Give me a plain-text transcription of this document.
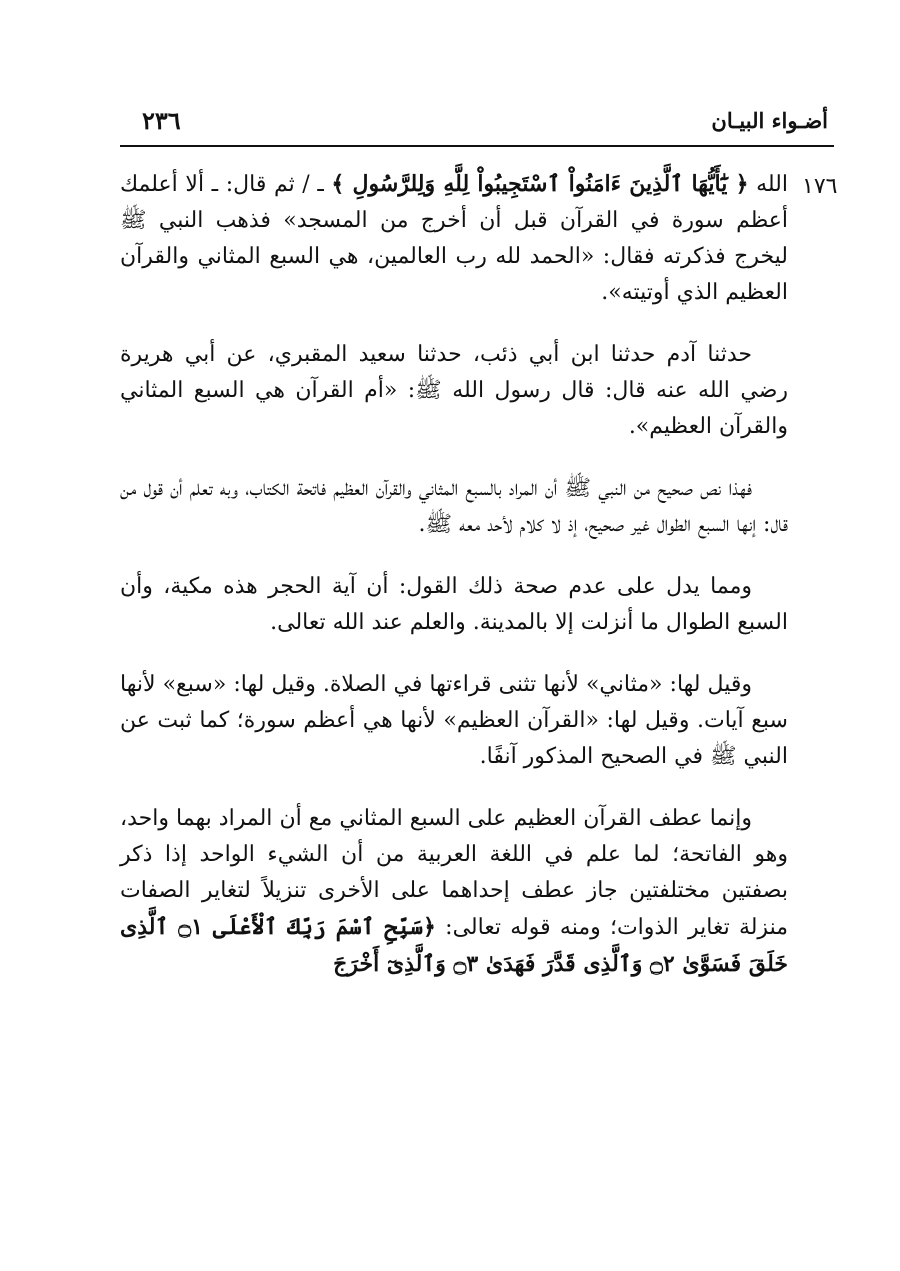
أضـواء البيـان
٢٣٦
١٧٦

الله ﴿ يَٰٓأَيُّهَا ٱلَّذِينَ ءَامَنُواْ ٱسْتَجِيبُواْ لِلَّهِ وَلِلرَّسُولِ ﴾ ـ / ثم قال: ـ ألا أعلمك أعظم سورة في القرآن قبل أن أخرج من المسجد» فذهب النبي ﷺ ليخرج فذكرته فقال: «الحمد لله رب العالمين، هي السبع المثاني والقرآن العظيم الذي أوتيته».

حدثنا آدم حدثنا ابن أبي ذئب، حدثنا سعيد المقبري، عن أبي هريرة رضي الله عنه قال: قال رسول الله ﷺ: «أم القرآن هي السبع المثاني والقرآن العظيم».

فهذا نص صحيح من النبي ﷺ أن المراد بالسبع المثاني والقرآن العظيم فاتحة الكتاب، وبه تعلم أن قول من قال: إنها السبع الطوال غير صحيح، إذ لا كلام لأحد معه ﷺ.

ومما يدل على عدم صحة ذلك القول: أن آية الحجر هذه مكية، وأن السبع الطوال ما أنزلت إلا بالمدينة. والعلم عند الله تعالى.

وقيل لها: «مثاني» لأنها تثنى قراءتها في الصلاة. وقيل لها: «سبع» لأنها سبع آيات. وقيل لها: «القرآن العظيم» لأنها هي أعظم سورة؛ كما ثبت عن النبي ﷺ في الصحيح المذكور آنفًا.

وإنما عطف القرآن العظيم على السبع المثاني مع أن المراد بهما واحد، وهو الفاتحة؛ لما علم في اللغة العربية من أن الشيء الواحد إذا ذكر بصفتين مختلفتين جاز عطف إحداهما على الأخرى تنزيلاً لتغاير الصفات منزلة تغاير الذوات؛ ومنه قوله تعالى: ﴿سَبِّحِ ٱسْمَ رَبِّكَ ٱلْأَعْلَى ۝١ ٱلَّذِى خَلَقَ فَسَوَّىٰ ۝٢ وَٱلَّذِى قَدَّرَ فَهَدَىٰ ۝٣ وَٱلَّذِىٓ أَخْرَجَ
